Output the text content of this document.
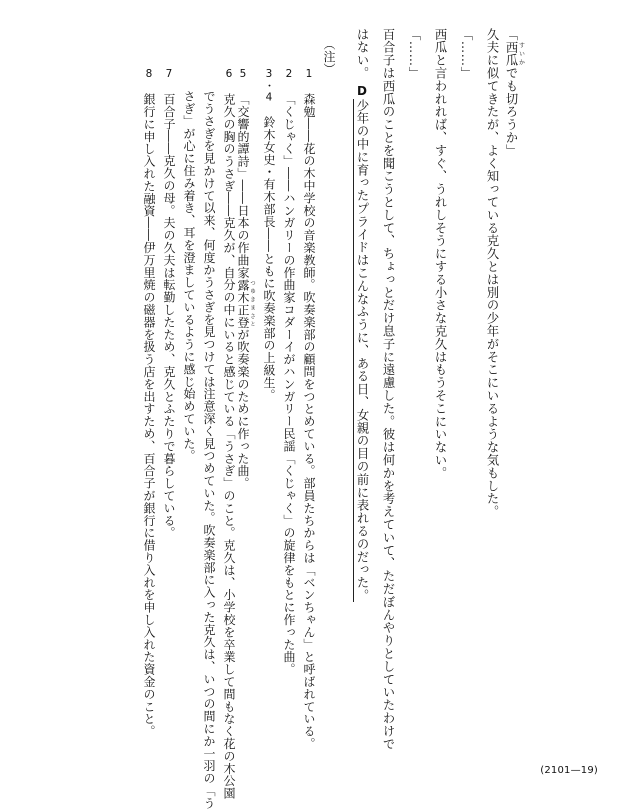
「西瓜 すいかでも切ろうか」
久夫に似てきたが、よく知っている克久とは別の少年がそこにいるような気もした。
「……」
西瓜と言われれば、すぐ、うれしそうにする小さな克久はもうそこにいない。
「……」
百合子は西瓜のことを聞こうとして、ちょっとだけ息子に遠慮した。彼は何かを考えていて、ただぼんやりとしていたわけで
はない。
D少年の中に育ったプライドはこんなふうに、ある日、女親の目の前に表れるのだった。
（注）
1 森勉――花の木中学校の音楽教師。吹奏楽部の顧問をつとめている。部員たちからは「ベンちゃん」と呼ばれている。
2 「くじゃく」――ハンガリーの作曲家コダーイがハンガリー民謡「くじゃく」の旋律をもとに作った曲。
3・4 鈴木女史・有木部長――ともに吹奏楽部の上級生。
5 「交響的譚詩」――日本の作曲家露木正登 つゆきまさとが吹奏楽のために作った曲。
6 克久の胸のうさぎ――克久が、自分の中にいると感じている「うさぎ」のこと。克久は、小学校を卒業して間もなく花の木公園
でうさぎを見かけて以来、何度かうさぎを見つけては注意深く見つめていた。吹奏楽部に入った克久は、いつの間にか一羽の「う
さぎ」が心に住み着き、耳を澄ましているように感じ始めていた。
7 百合子――克久の母。夫の久夫は転勤したため、克久とふたりで暮らしている。
8 銀行に申し入れた融資――伊万里焼の磁器を扱う店を出すため、百合子が銀行に借り入れを申し入れた資金のこと。
(2101—19)
